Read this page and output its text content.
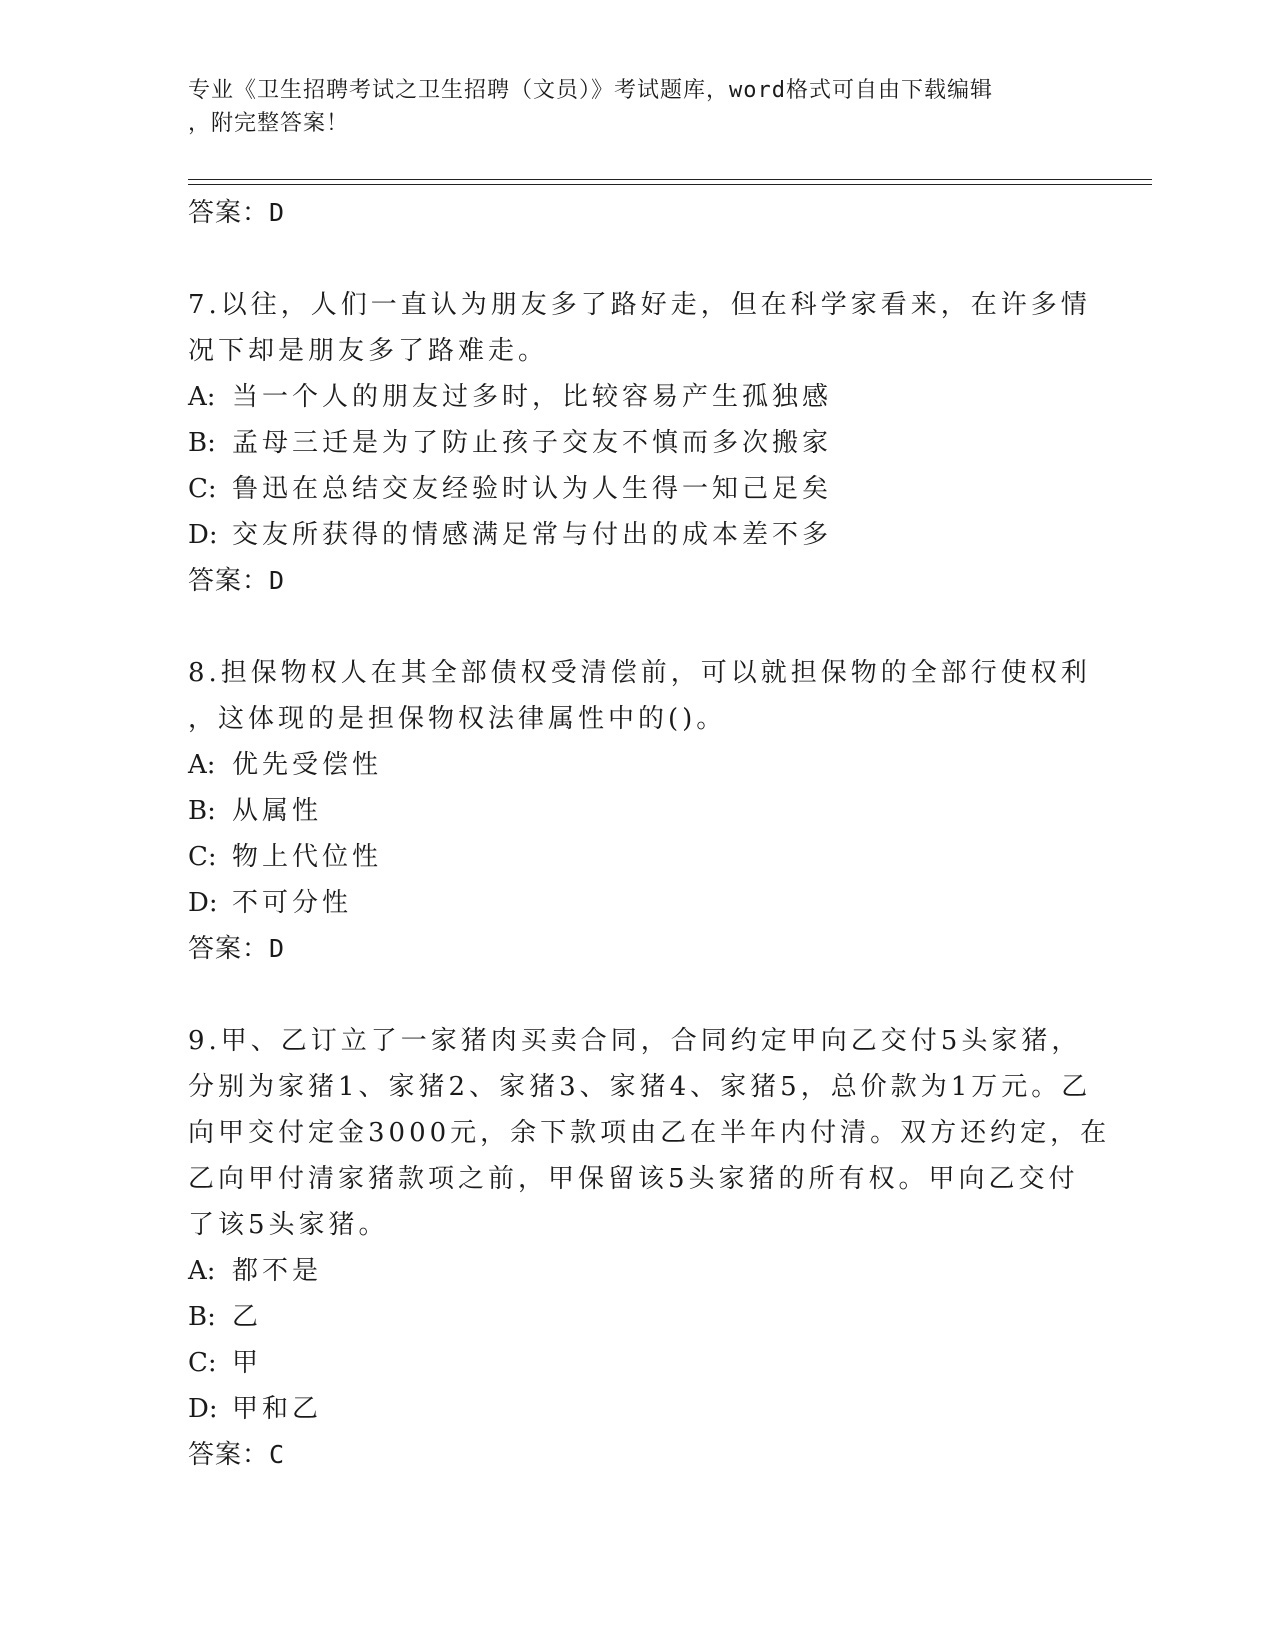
专业《卫生招聘考试之卫生招聘（文员）》考试题库，word格式可自由下载编辑
，附完整答案！
答案：D
7.以往，人们一直认为朋友多了路好走，但在科学家看来，在许多情
况下却是朋友多了路难走。
A: 当一个人的朋友过多时，比较容易产生孤独感
B: 孟母三迁是为了防止孩子交友不慎而多次搬家
C: 鲁迅在总结交友经验时认为人生得一知己足矣
D: 交友所获得的情感满足常与付出的成本差不多
答案：D
8.担保物权人在其全部债权受清偿前，可以就担保物的全部行使权利
，这体现的是担保物权法律属性中的()。
A: 优先受偿性
B: 从属性
C: 物上代位性
D: 不可分性
答案：D
9.甲、乙订立了一家猪肉买卖合同，合同约定甲向乙交付5头家猪，
分别为家猪1、家猪2、家猪3、家猪4、家猪5，总价款为1万元。乙
向甲交付定金3000元，余下款项由乙在半年内付清。双方还约定，在
乙向甲付清家猪款项之前，甲保留该5头家猪的所有权。甲向乙交付
了该5头家猪。
A: 都不是
B: 乙
C: 甲
D: 甲和乙
答案：C
